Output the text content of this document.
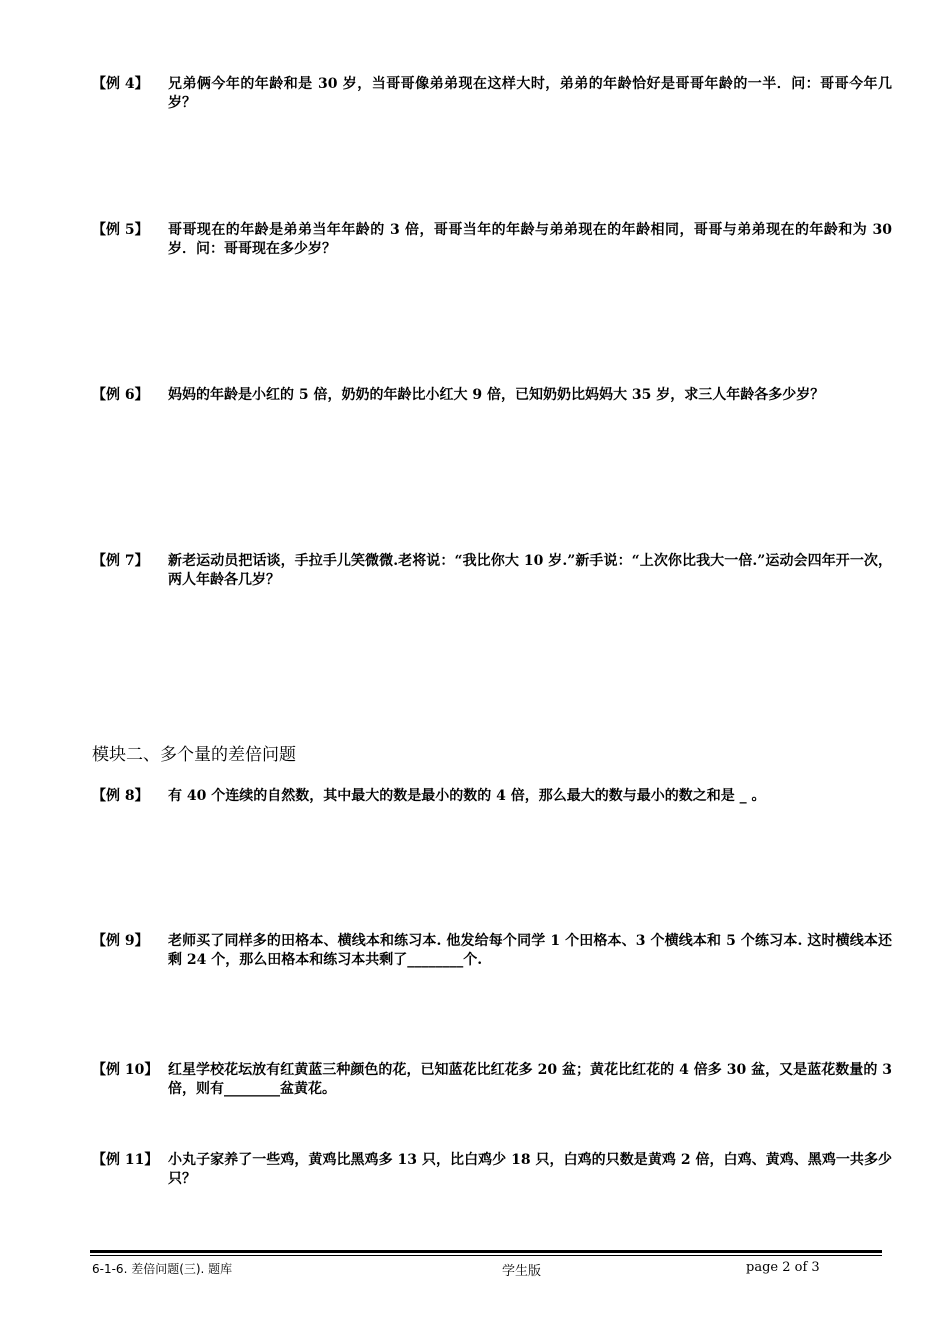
【例 4】 兄弟俩今年的年龄和是 30 岁，当哥哥像弟弟现在这样大时，弟弟的年龄恰好是哥哥年龄的一半．问：哥哥今年几岁？
【例 5】 哥哥现在的年龄是弟弟当年年龄的 3 倍，哥哥当年的年龄与弟弟现在的年龄相同，哥哥与弟弟现在的年龄和为 30 岁．问：哥哥现在多少岁？
【例 6】 妈妈的年龄是小红的 5 倍，奶奶的年龄比小红大 9 倍，已知奶奶比妈妈大 35 岁，求三人年龄各多少岁？
【例 7】 新老运动员把话谈，手拉手儿笑微微.老将说：“我比你大 10 岁.”新手说：“上次你比我大一倍.”运动会四年开一次，两人年龄各几岁？
模块二、多个量的差倍问题
【例 8】 有 40 个连续的自然数，其中最大的数是最小的数的 4 倍，那么最大的数与最小的数之和是 _ 。
【例 9】 老师买了同样多的田格本、横线本和练习本. 他发给每个同学 1 个田格本、3 个横线本和 5 个练习本. 这时横线本还剩 24 个，那么田格本和练习本共剩了________个.
【例 10】 红星学校花坛放有红黄蓝三种颜色的花，已知蓝花比红花多 20 盆；黄花比红花的 4 倍多 30 盆，又是蓝花数量的 3 倍，则有________盆黄花。
【例 11】 小丸子家养了一些鸡，黄鸡比黑鸡多 13 只，比白鸡少 18 只，白鸡的只数是黄鸡 2 倍，白鸡、黄鸡、黑鸡一共多少只？
6-1-6. 差倍问题(三). 题库	学生版	page 2 of 3
